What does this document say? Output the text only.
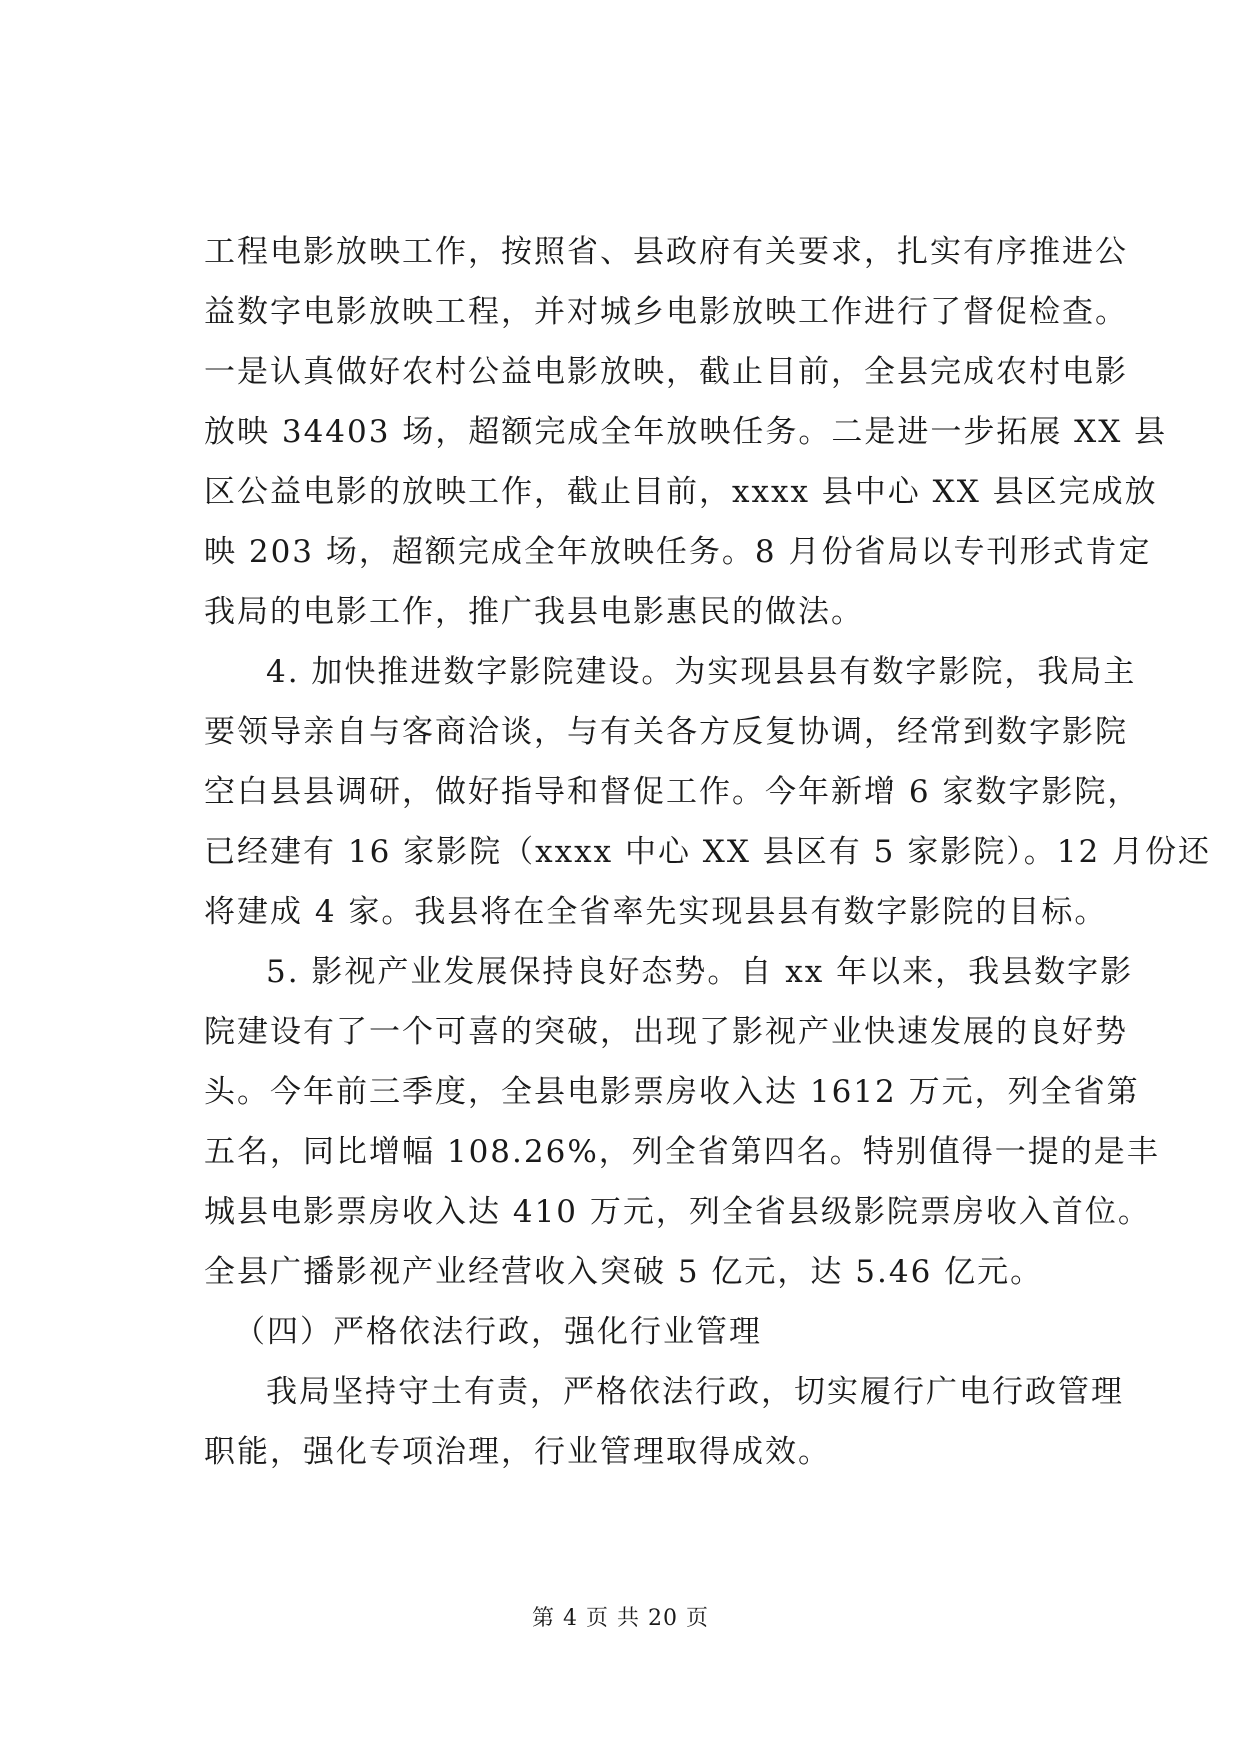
工程电影放映工作，按照省、县政府有关要求，扎实有序推进公
益数字电影放映工程，并对城乡电影放映工作进行了督促检查。
一是认真做好农村公益电影放映，截止目前，全县完成农村电影
放映 34403 场，超额完成全年放映任务。二是进一步拓展 XX 县
区公益电影的放映工作，截止目前，xxxx 县中心 XX 县区完成放
映 203 场，超额完成全年放映任务。8 月份省局以专刊形式肯定
我局的电影工作，推广我县电影惠民的做法。
4. 加快推进数字影院建设。为实现县县有数字影院，我局主
要领导亲自与客商洽谈，与有关各方反复协调，经常到数字影院
空白县县调研，做好指导和督促工作。今年新增 6 家数字影院，
已经建有 16 家影院（xxxx 中心 XX 县区有 5 家影院）。12 月份还
将建成 4 家。我县将在全省率先实现县县有数字影院的目标。
5. 影视产业发展保持良好态势。自 xx 年以来，我县数字影
院建设有了一个可喜的突破，出现了影视产业快速发展的良好势
头。今年前三季度，全县电影票房收入达 1612 万元，列全省第
五名，同比增幅 108.26%，列全省第四名。特别值得一提的是丰
城县电影票房收入达 410 万元，列全省县级影院票房收入首位。
全县广播影视产业经营收入突破 5 亿元，达 5.46 亿元。
（四）严格依法行政，强化行业管理
我局坚持守土有责，严格依法行政，切实履行广电行政管理
职能，强化专项治理，行业管理取得成效。
第 4 页 共 20 页
